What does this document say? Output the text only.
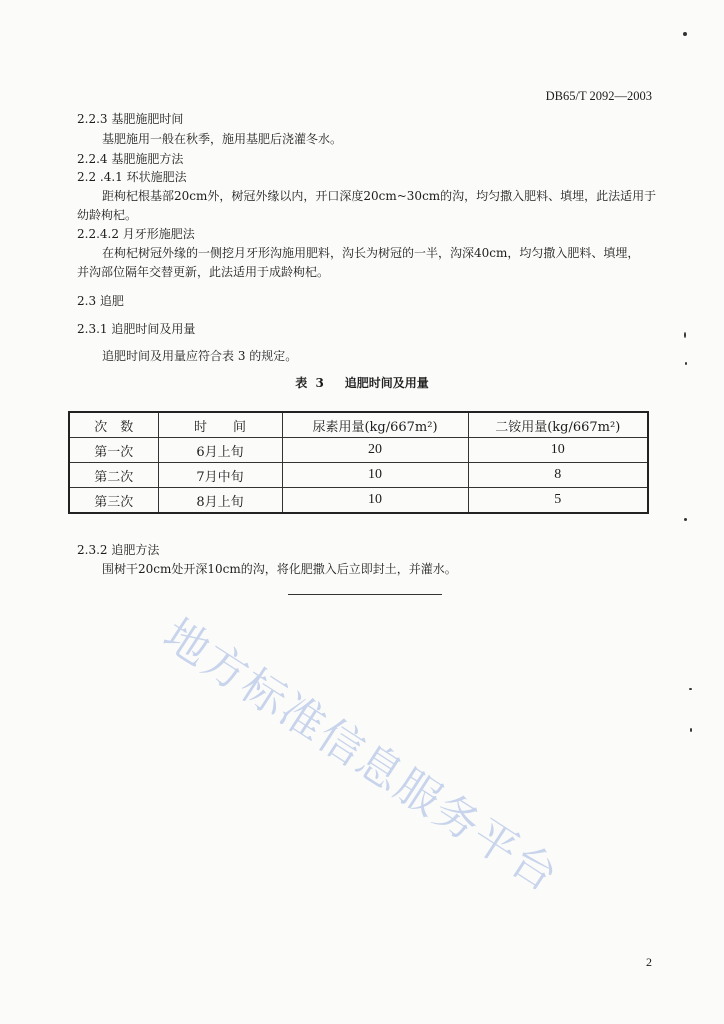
DB65/T 2092—2003
2.2.3 基肥施肥时间
基肥施用一般在秋季，施用基肥后浇灌冬水。
2.2.4 基肥施肥方法
2.2 .4.1 环状施肥法
距枸杞根基部20cm外，树冠外缘以内，开口深度20cm~30cm的沟，均匀撒入肥料、填埋，此法适用于
幼龄枸杞。
2.2.4.2 月牙形施肥法
在枸杞树冠外缘的一侧挖月牙形沟施用肥料，沟长为树冠的一半，沟深40cm，均匀撒入肥料、填埋，
并沟部位隔年交替更新，此法适用于成龄枸杞。
2.3 追肥
2.3.1 追肥时间及用量
追肥时间及用量应符合表 3 的规定。
表  3     追肥时间及用量
次　数	时　　间	尿素用量(kg/667m²)	二铵用量(kg/667m²)
第一次	6月上旬	20	10
第二次	7月中旬	10	8
第三次	8月上旬	10	5
2.3.2 追肥方法
围树干20cm处开深10cm的沟，将化肥撒入后立即封土，并灌水。
地方标准信息服务平台
2
